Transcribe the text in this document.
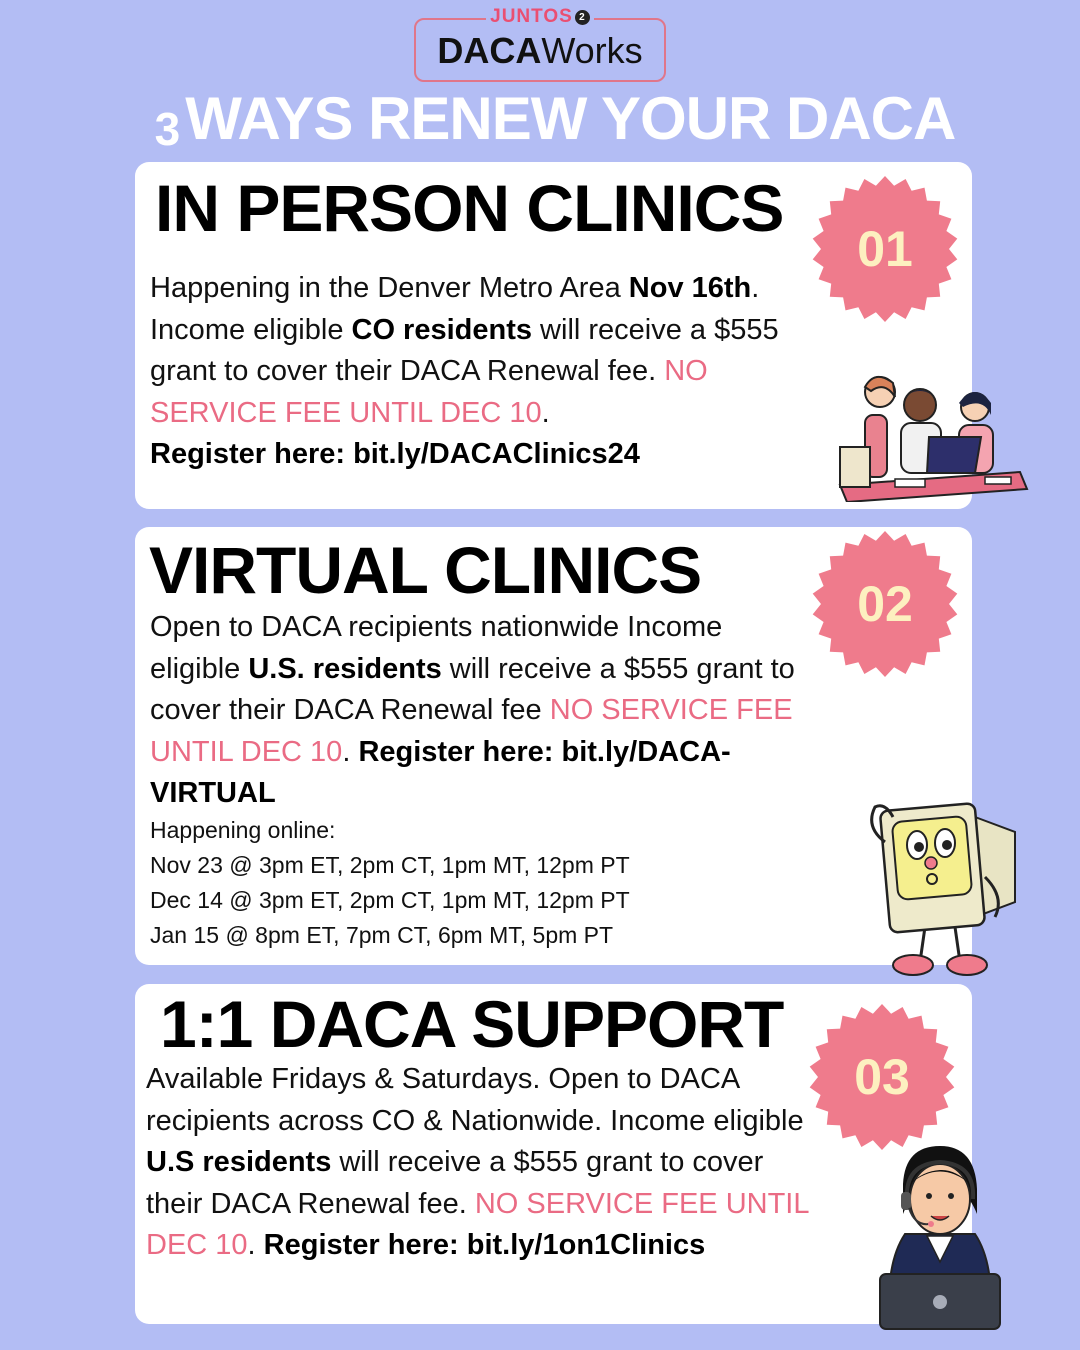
JUNTOS 2
DACAWorks
3 WAYS RENEW YOUR DACA
IN PERSON CLINICS
01
Happening in the Denver Metro Area Nov 16th. Income eligible CO residents will receive a $555 grant to cover their DACA Renewal fee. NO SERVICE FEE UNTIL DEC 10.
Register here: bit.ly/DACAClinics24
VIRTUAL CLINICS	02
Open to DACA recipients nationwide Income eligible U.S. residents will receive a $555 grant to cover their DACA Renewal fee NO SERVICE FEE UNTIL DEC 10. Register here: bit.ly/DACA-VIRTUAL
Happening online:
Nov 23 @ 3pm ET, 2pm CT, 1pm MT, 12pm PT
Dec 14 @ 3pm ET, 2pm CT, 1pm MT, 12pm PT
Jan 15 @ 8pm ET, 7pm CT, 6pm MT, 5pm PT
1:1 DACA SUPPORT
03
Available Fridays & Saturdays. Open to DACA recipients across CO & Nationwide. Income eligible U.S residents will receive a $555 grant to cover their DACA Renewal fee. NO SERVICE FEE UNTIL DEC 10. Register here: bit.ly/1on1Clinics
